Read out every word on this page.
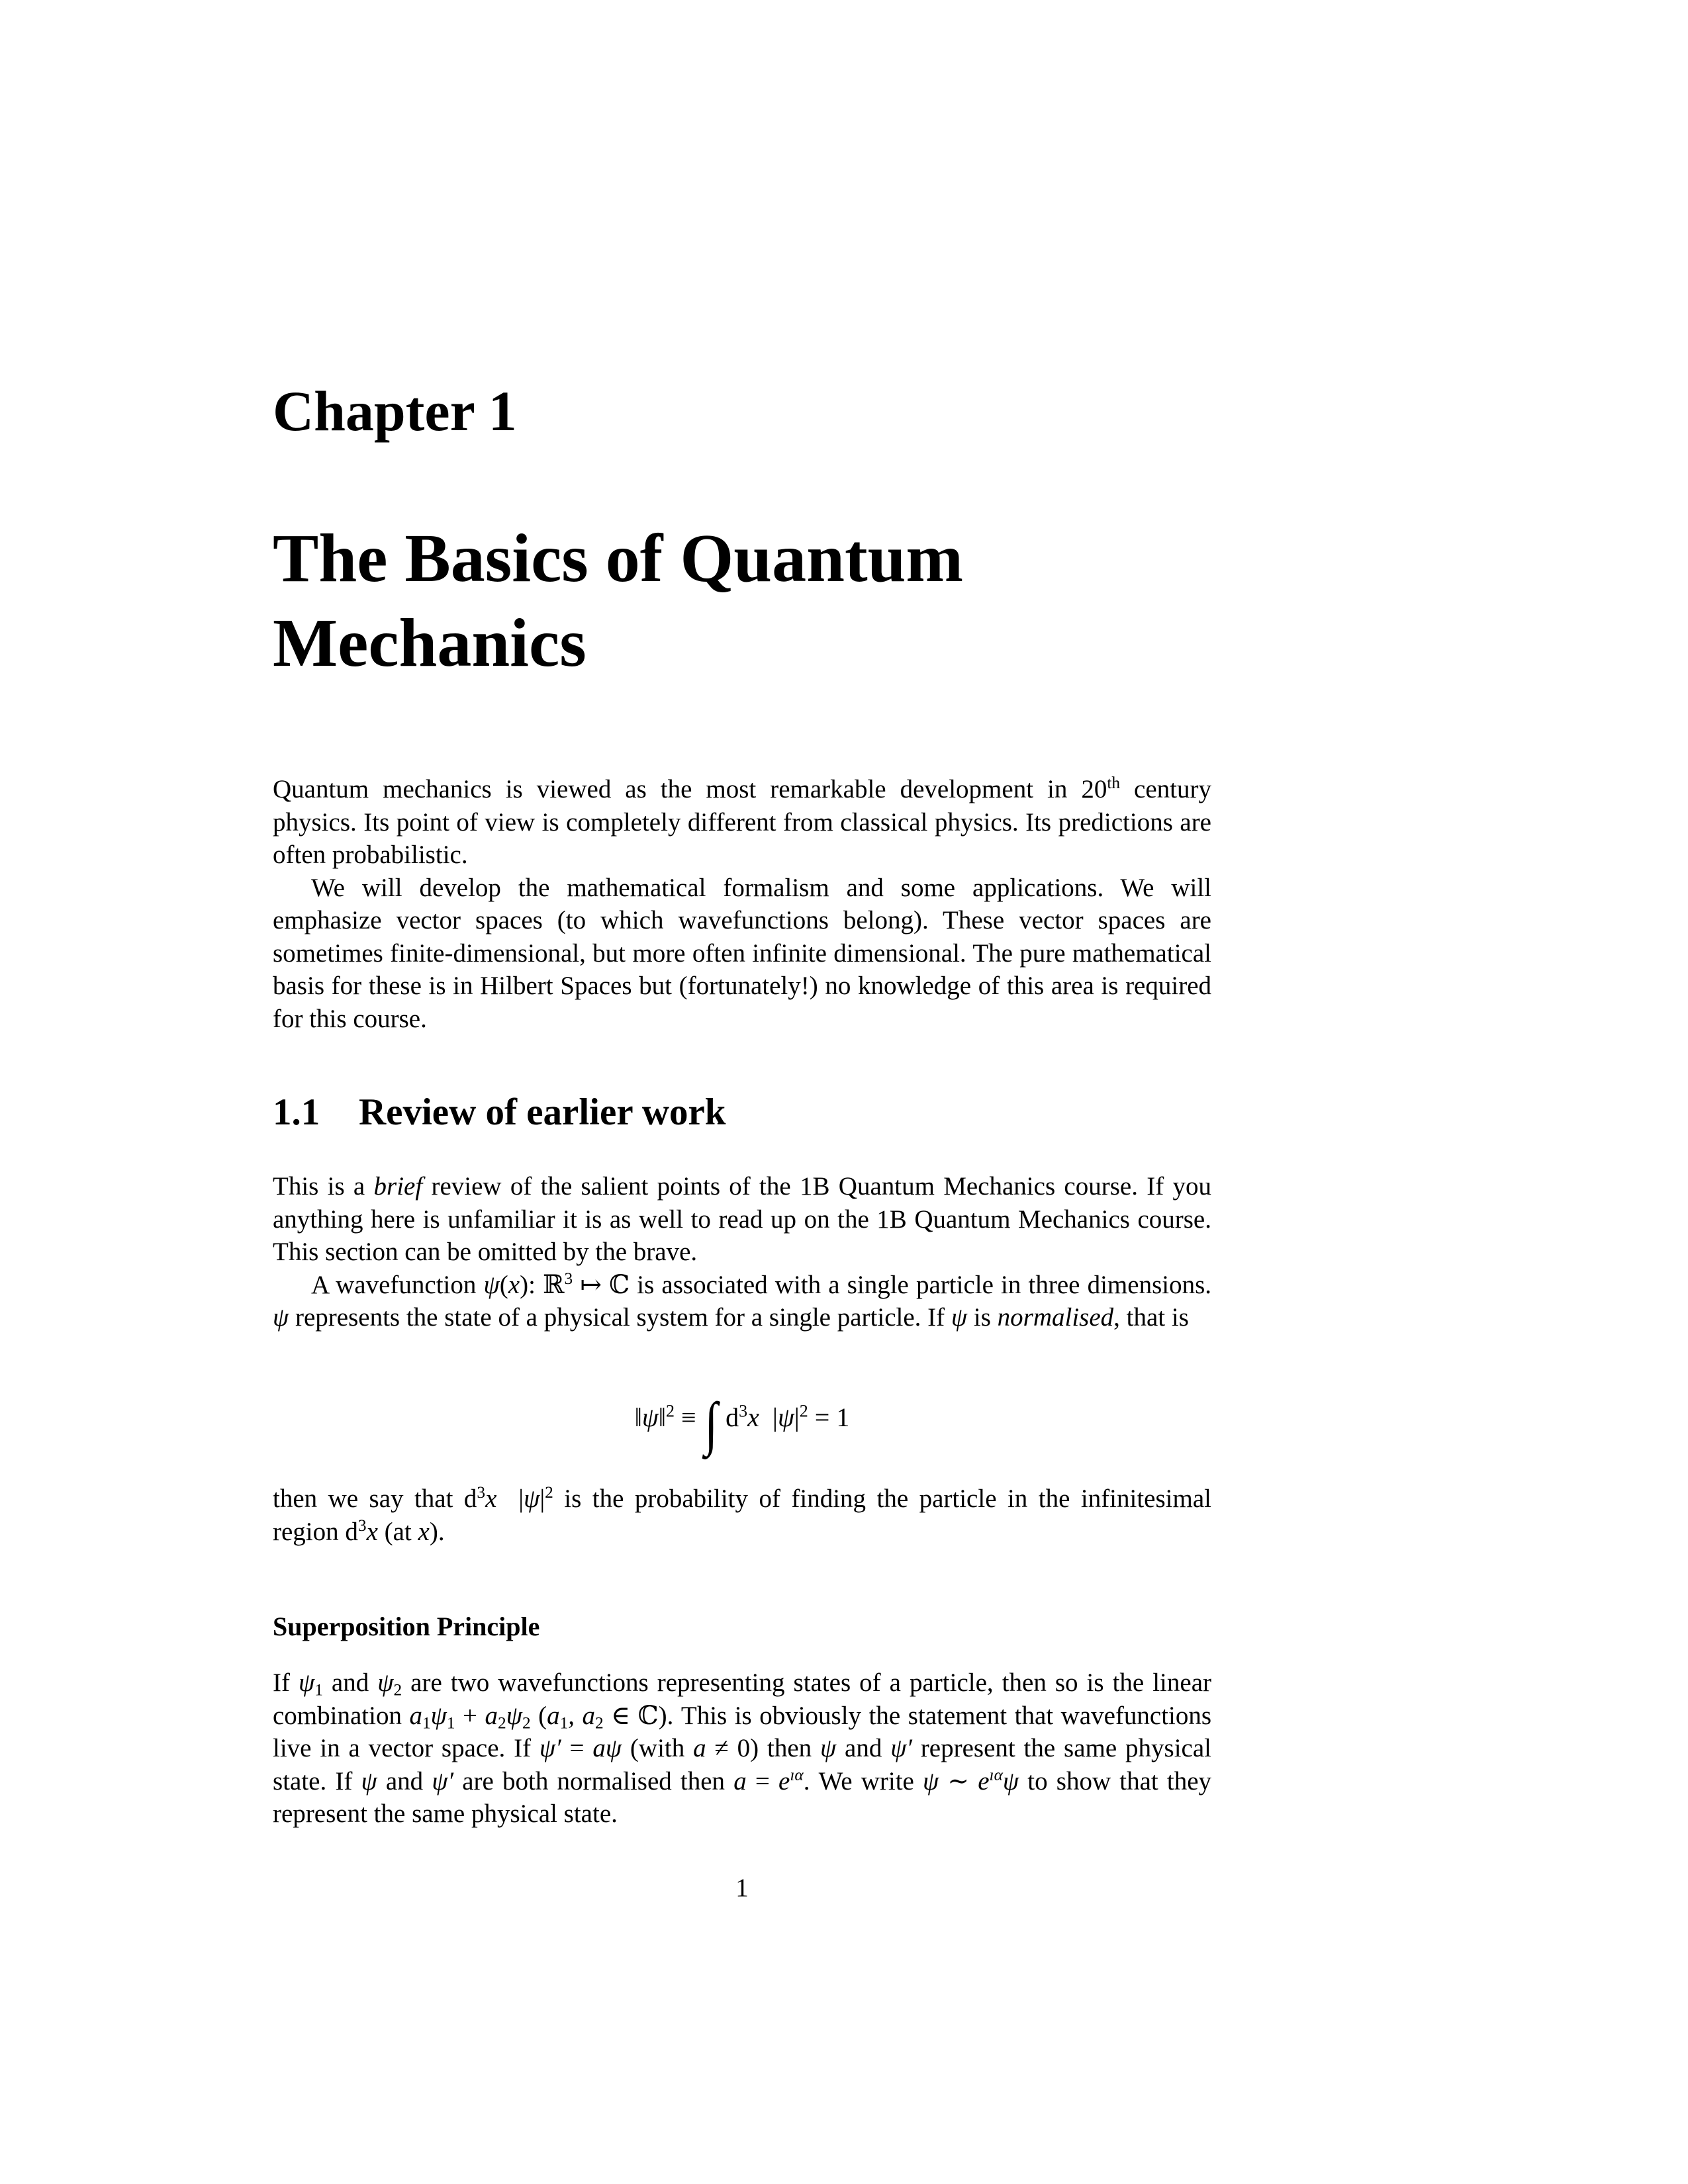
Chapter 1
The Basics of Quantum Mechanics

Quantum mechanics is viewed as the most remarkable development in 20th century physics. Its point of view is completely different from classical physics. Its predictions are often probabilistic.

We will develop the mathematical formalism and some applications. We will emphasize vector spaces (to which wavefunctions belong). These vector spaces are sometimes finite-dimensional, but more often infinite dimensional. The pure mathematical basis for these is in Hilbert Spaces but (fortunately!) no knowledge of this area is required for this course.

1.1 Review of earlier work

This is a brief review of the salient points of the 1B Quantum Mechanics course. If you anything here is unfamiliar it is as well to read up on the 1B Quantum Mechanics course. This section can be omitted by the brave.

A wavefunction ψ(x): ℝ$^3$ ↦ ℂ is associated with a single particle in three dimensions. ψ represents the state of a physical system for a single particle. If ψ is normalised, that is

‖ψ‖$^2$ ≡ ∫ $d^3x$ $|\psi|^2 = 1$

then we say that $d^3x$ $|\psi|^2$ is the probability of finding the particle in the infinitesimal region $d^3x$ (at x).

Superposition Principle

If $\psi_1$ and $\psi_2$ are two wavefunctions representing states of a particle, then so is the linear combination $a_1\psi_1 + a_2\psi_2$ ($a_1$, $a_2$ ∈ ℂ). This is obviously the statement that wavefunctions live in a vector space. If ψ′ = aψ (with a ≠ 0) then ψ and ψ′ represent the same physical state. If ψ and ψ′ are both normalised then $a = e^{ı\alpha}$. We write ψ ∼ $e^{ı\alpha}\psi$ to show that they represent the same physical state.

1
